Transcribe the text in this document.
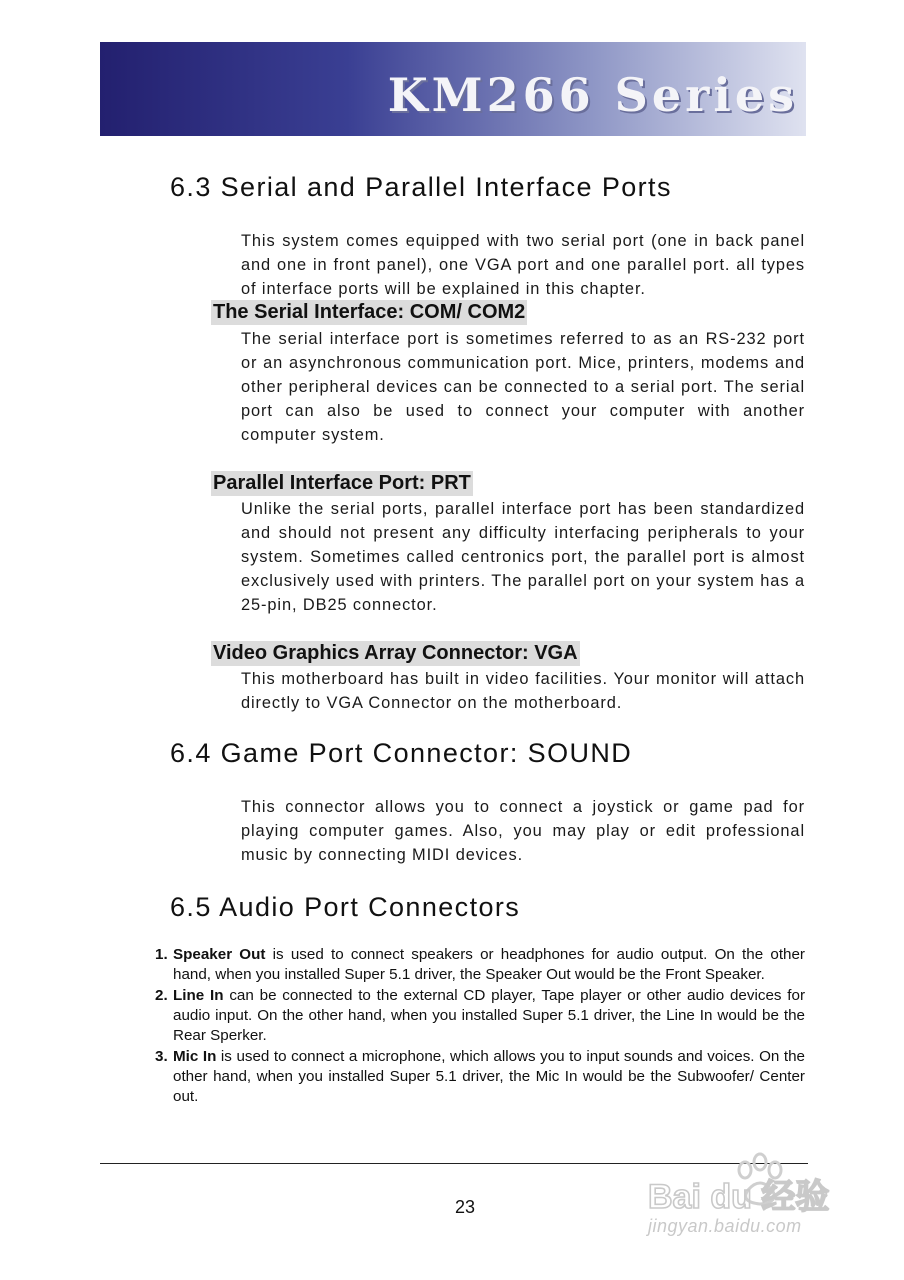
KM266 Series
6.3 Serial and Parallel Interface Ports
This system comes equipped with two serial port (one in back panel and one in front panel), one VGA port and one parallel port. all types of interface ports will be explained in this chapter.
The Serial Interface: COM/ COM2
The serial interface port is sometimes referred to as an RS-232 port or an asynchronous communication port. Mice, printers, modems and other peripheral devices can be connected to a serial port. The serial port can also be used to connect your computer with another computer system.
Parallel Interface Port: PRT
Unlike the serial ports, parallel interface port has been standardized and should not present any difficulty interfacing peripherals to your system. Sometimes called centronics port, the parallel port is almost exclusively used with printers. The parallel port on your system has a 25-pin, DB25 connector.
Video Graphics Array Connector: VGA
This motherboard has built in video facilities. Your monitor will attach directly to VGA Connector on the motherboard.
6.4 Game Port Connector: SOUND
This connector allows you to connect a joystick or game pad for playing computer games. Also, you may play or edit professional music by connecting MIDI devices.
6.5 Audio Port Connectors
1. Speaker Out is used to connect speakers or headphones for audio output. On the other hand, when you installed Super 5.1 driver, the Speaker Out would be the Front Speaker.
2. Line In can be connected to the external CD player, Tape player or other audio devices for audio input. On the other hand, when you installed Super 5.1 driver, the Line In would be the Rear Sperker.
3. Mic In is used to connect a microphone, which allows you to input sounds and voices. On the other hand, when you installed Super 5.1 driver, the Mic In would be the Subwoofer/ Center out.
Bai du 经验
jingyan.baidu.com
23
